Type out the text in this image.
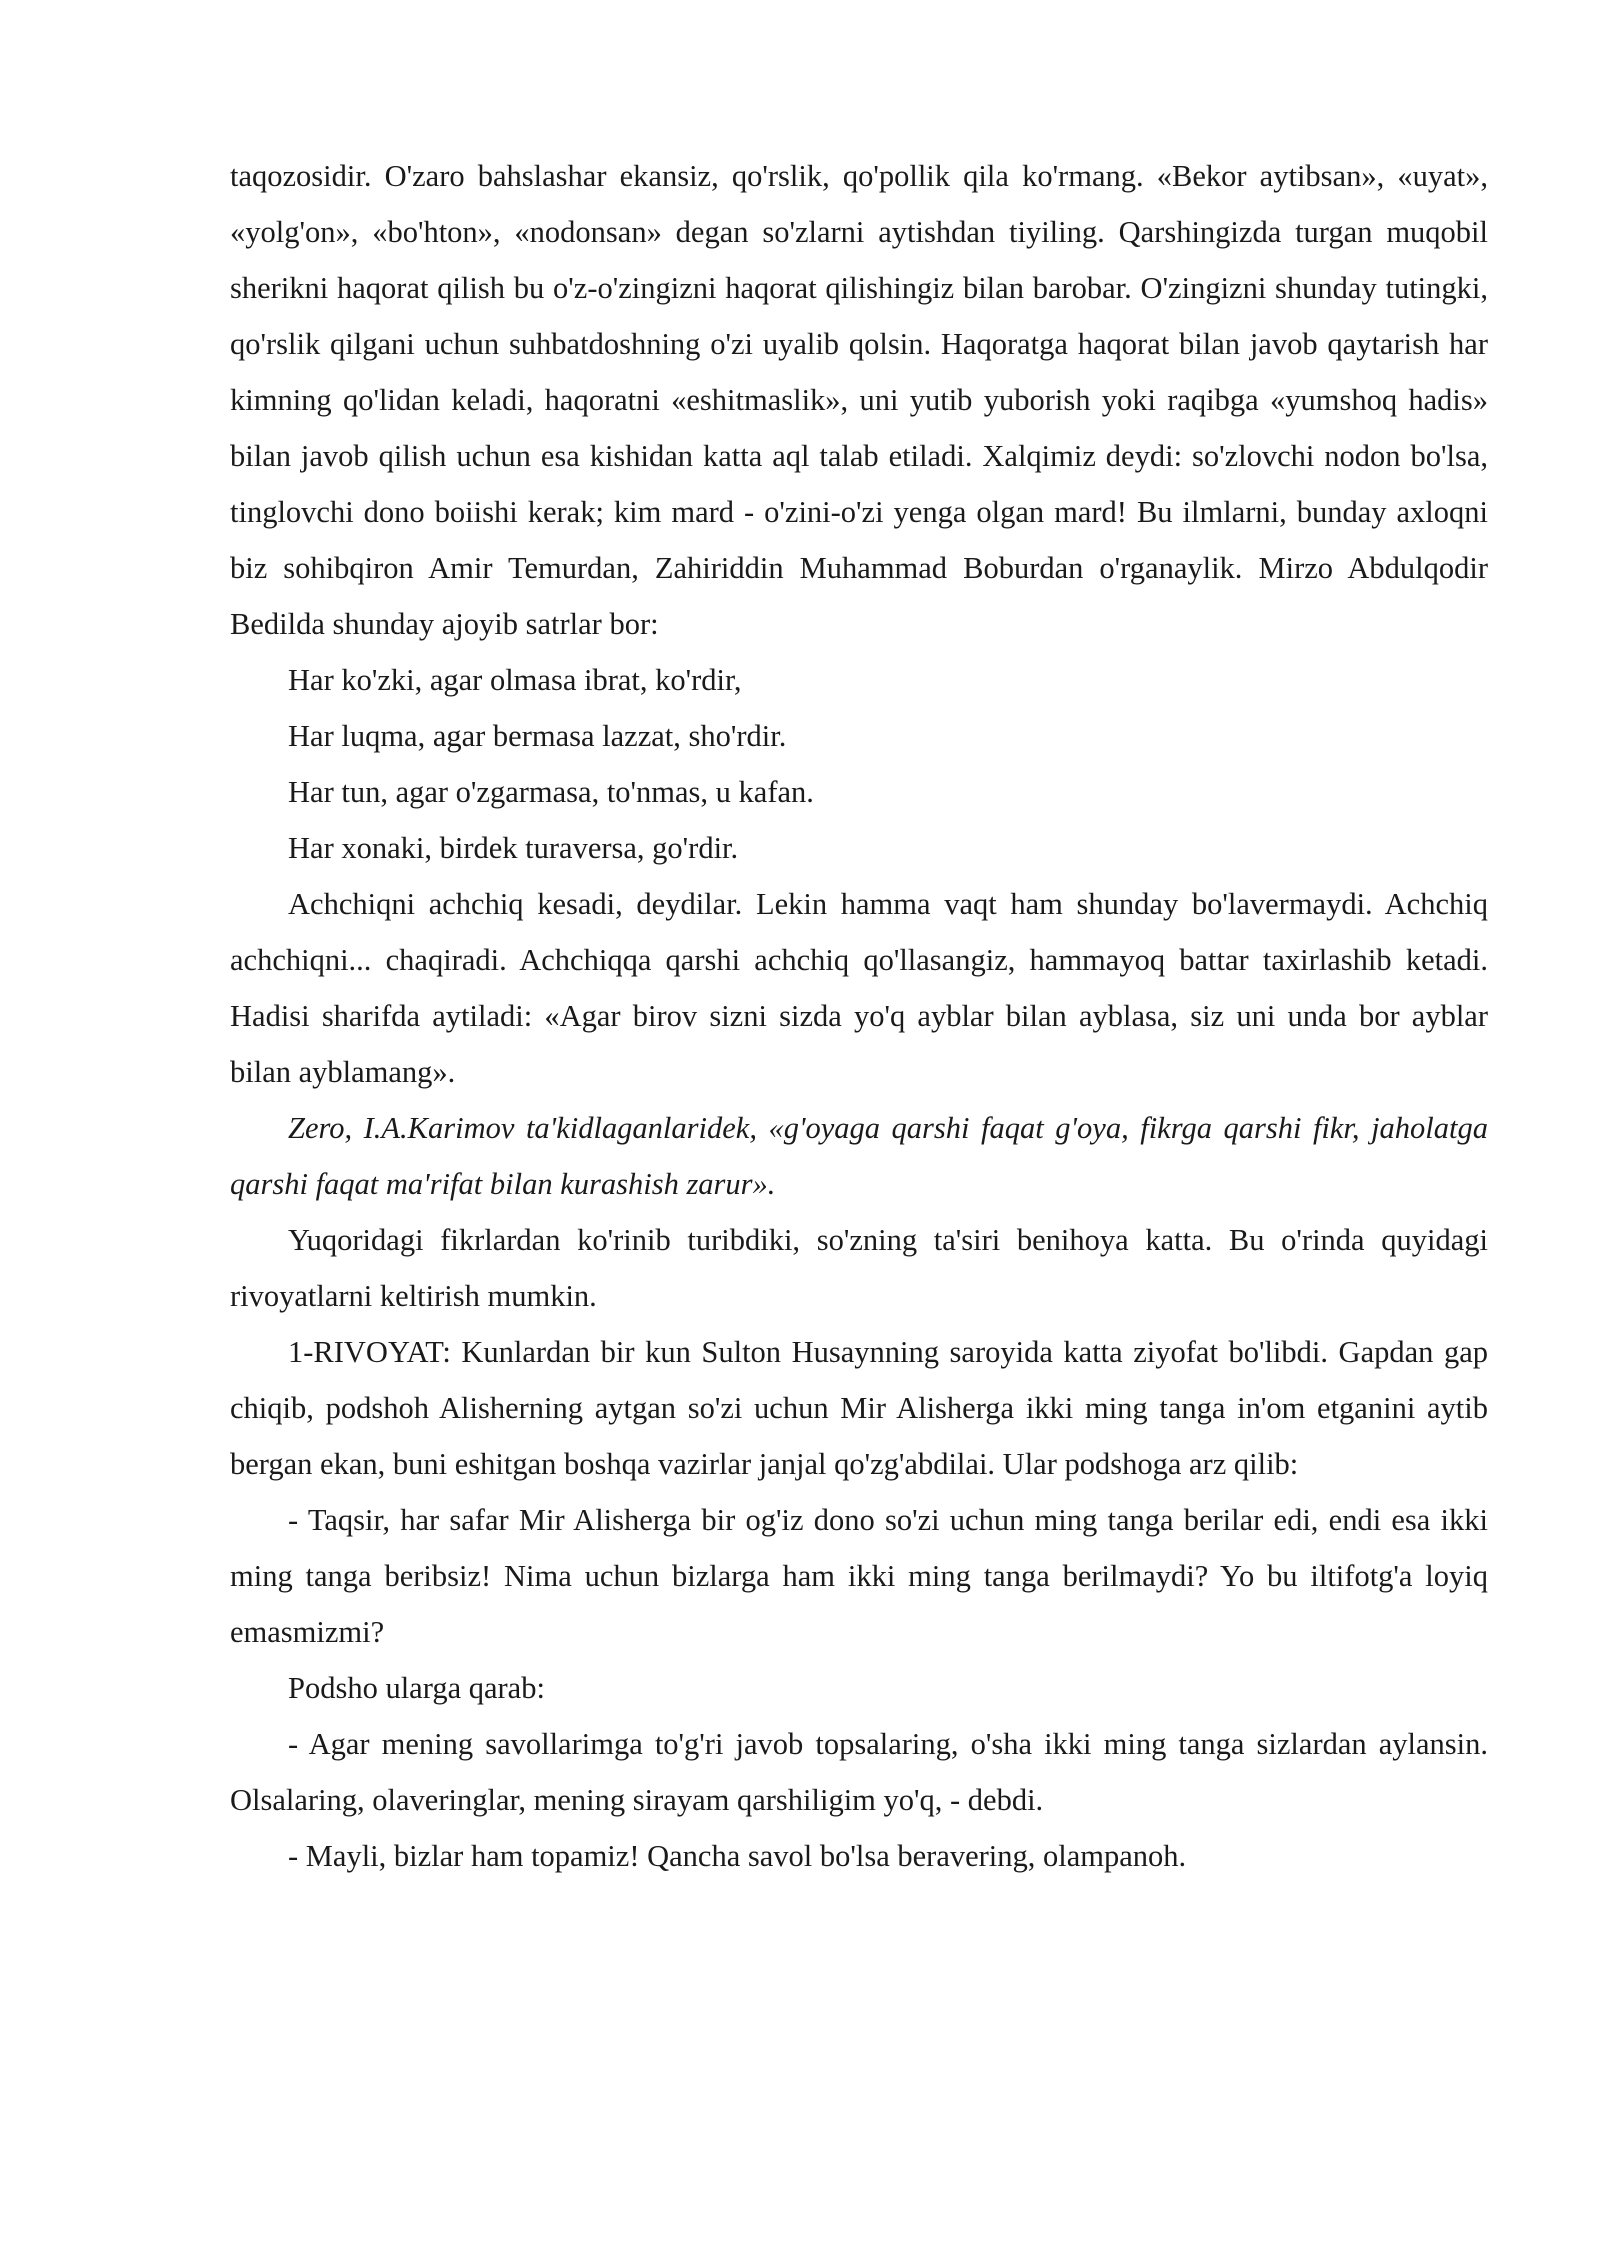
taqozosidir. O'zaro bahslashar ekansiz, qo'rslik, qo'pollik qila ko'rmang. «Bekor aytibsan», «uyat», «yolg'on», «bo'hton», «nodonsan» degan so'zlarni aytishdan tiyiling. Qarshingizda turgan muqobil sherikni haqorat qilish bu o'z-o'zingizni haqorat qilishingiz bilan barobar. O'zingizni shunday tutingki, qo'rslik qilgani uchun suhbatdoshning o'zi uyalib qolsin. Haqoratga haqorat bilan javob qaytarish har kimning qo'lidan keladi, haqoratni «eshitmaslik», uni yutib yuborish yoki raqibga «yumshoq hadis» bilan javob qilish uchun esa kishidan katta aql talab etiladi. Xalqimiz deydi: so'zlovchi nodon bo'lsa, tinglovchi dono boiishi kerak; kim mard - o'zini-o'zi yenga olgan mard! Bu ilmlarni, bunday axloqni biz sohibqiron Amir Temurdan, Zahiriddin Muhammad Boburdan o'rganaylik. Mirzo Abdulqodir Bedilda shunday ajoyib satrlar bor:

Har ko'zki, agar olmasa ibrat, ko'rdir,

Har luqma, agar bermasa lazzat, sho'rdir.

Har tun, agar o'zgarmasa, to'nmas, u kafan.

Har xonaki, birdek turaversa, go'rdir.

Achchiqni achchiq kesadi, deydilar. Lekin hamma vaqt ham shunday bo'lavermaydi. Achchiq achchiqni... chaqiradi. Achchiqqa qarshi achchiq qo'llasangiz, hammayoq battar taxirlashib ketadi. Hadisi sharifda aytiladi: «Agar birov sizni sizda yo'q ayblar bilan ayblasa, siz uni unda bor ayblar bilan ayblamang».

Zero, I.A.Karimov ta'kidlaganlaridek, «g'oyaga qarshi faqat g'oya, fikrga qarshi fikr, jaholatga qarshi faqat ma'rifat bilan kurashish zarur».

Yuqoridagi fikrlardan ko'rinib turibdiki, so'zning ta'siri benihoya katta. Bu o'rinda quyidagi rivoyatlarni keltirish mumkin.

1-RIVOYAT: Kunlardan bir kun Sulton Husaynning saroyida katta ziyofat bo'libdi. Gapdan gap chiqib, podshoh Alisherning aytgan so'zi uchun Mir Alisherga ikki ming tanga in'om etganini aytib bergan ekan, buni eshitgan boshqa vazirlar janjal qo'zg'abdilai. Ular podshoga arz qilib:

- Taqsir, har safar Mir Alisherga bir og'iz dono so'zi uchun ming tanga berilar edi, endi esa ikki ming tanga beribsiz! Nima uchun bizlarga ham ikki ming tanga berilmaydi? Yo bu iltifotg'a loyiq emasmizmi?

Podsho ularga qarab:

- Agar mening savollarimga to'g'ri javob topsalaring, o'sha ikki ming tanga sizlardan aylansin. Olsalaring, olaveringlar, mening sirayam qarshiligim yo'q, - debdi.

- Mayli, bizlar ham topamiz! Qancha savol bo'lsa beravering, olampanoh.
